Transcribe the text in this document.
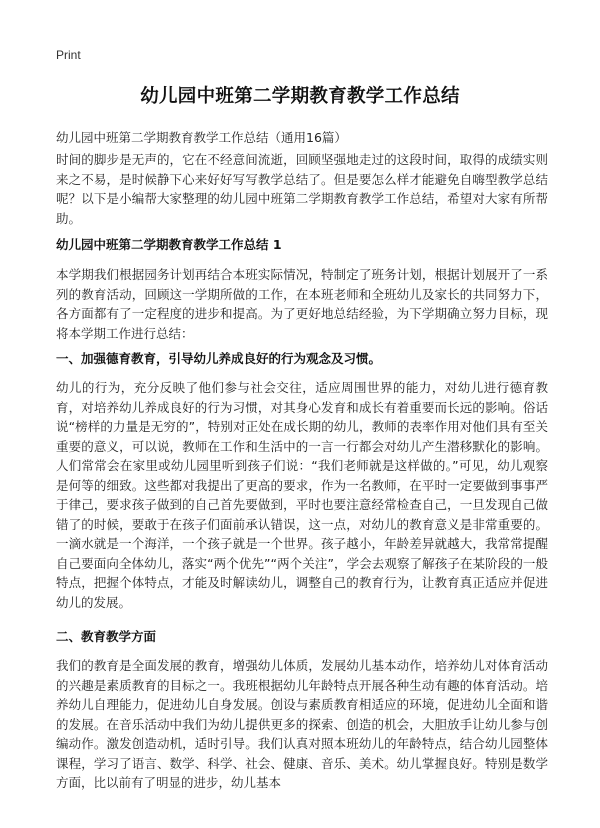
Print
幼儿园中班第二学期教育教学工作总结
幼儿园中班第二学期教育教学工作总结（通用16篇）

时间的脚步是无声的，它在不经意间流逝，回顾坚强地走过的这段时间，取得的成绩实则来之不易，是时候静下心来好好写写教学总结了。但是要怎么样才能避免自嗨型教学总结呢？以下是小编帮大家整理的幼儿园中班第二学期教育教学工作总结，希望对大家有所帮助。

幼儿园中班第二学期教育教学工作总结 1

本学期我们根据园务计划再结合本班实际情况，特制定了班务计划，根据计划展开了一系列的教育活动，回顾这一学期所做的工作，在本班老师和全班幼儿及家长的共同努力下，各方面都有了一定程度的进步和提高。为了更好地总结经验，为下学期确立努力目标，现将本学期工作进行总结：

一、加强德育教育，引导幼儿养成良好的行为观念及习惯。

幼儿的行为，充分反映了他们参与社会交往，适应周围世界的能力，对幼儿进行德育教育，对培养幼儿养成良好的行为习惯，对其身心发育和成长有着重要而长远的影响。俗话说“榜样的力量是无穷的”，特别对正处在成长期的幼儿，教师的表率作用对他们具有至关重要的意义，可以说，教师在工作和生活中的一言一行都会对幼儿产生潜移默化的影响。人们常常会在家里或幼儿园里听到孩子们说：“我们老师就是这样做的。”可见，幼儿观察是何等的细致。这些都对我提出了更高的要求，作为一名教师，在平时一定要做到事事严于律己，要求孩子做到的自己首先要做到，平时也要注意经常检查自己，一旦发现自己做错了的时候，要敢于在孩子们面前承认错误，这一点，对幼儿的教育意义是非常重要的。一滴水就是一个海洋，一个孩子就是一个世界。孩子越小，年龄差异就越大，我常常提醒自己要面向全体幼儿，落实“两个优先”“两个关注”，学会去观察了解孩子在某阶段的一般特点，把握个体特点，才能及时解读幼儿，调整自己的教育行为，让教育真正适应并促进幼儿的发展。

二、教育教学方面

我们的教育是全面发展的教育，增强幼儿体质，发展幼儿基本动作，培养幼儿对体育活动的兴趣是素质教育的目标之一。我班根据幼儿年龄特点开展各种生动有趣的体育活动。培养幼儿自理能力，促进幼儿自身发展。创设与素质教育相适应的环境，促进幼儿全面和谐的发展。在音乐活动中我们为幼儿提供更多的探索、创造的机会，大胆放手让幼儿参与创编动作。激发创造动机，适时引导。我们认真对照本班幼儿的年龄特点，结合幼儿园整体课程，学习了语言、数学、科学、社会、健康、音乐、美术。幼儿掌握良好。特别是数学方面，比以前有了明显的进步，幼儿基本
